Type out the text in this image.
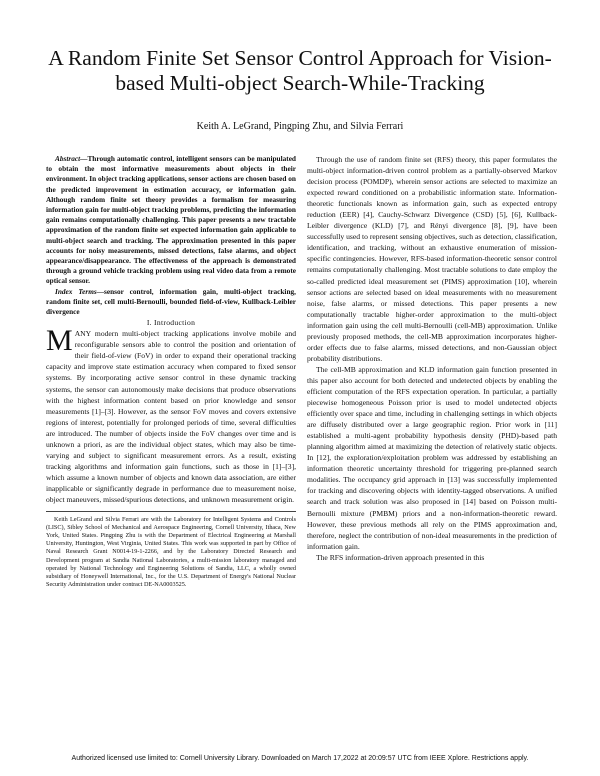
A Random Finite Set Sensor Control Approach for Vision-based Multi-object Search-While-Tracking
Keith A. LeGrand, Pingping Zhu, and Silvia Ferrari

Abstract—Through automatic control, intelligent sensors can be manipulated to obtain the most informative measurements about objects in their environment. In object tracking applications, sensor actions are chosen based on the predicted improvement in estimation accuracy, or information gain. Although random finite set theory provides a formalism for measuring information gain for multi-object tracking problems, predicting the information gain remains computationally challenging. This paper presents a new tractable approximation of the random finite set expected information gain applicable to multi-object search and tracking. The approximation presented in this paper accounts for noisy measurements, missed detections, false alarms, and object appearance/disappearance. The effectiveness of the approach is demonstrated through a ground vehicle tracking problem using real video data from a remote optical sensor.

Index Terms—sensor control, information gain, multi-object tracking, random finite set, cell multi-Bernoulli, bounded field-of-view, Kullback-Leibler divergence

I. Introduction

MANY modern multi-object tracking applications involve mobile and reconfigurable sensors able to control the position and orientation of their field-of-view (FoV) in order to expand their operational tracking capacity and improve state estimation accuracy when compared to fixed sensor systems. By incorporating active sensor control in these dynamic tracking systems, the sensor can autonomously make decisions that produce observations with the highest information content based on prior knowledge and sensor measurements [1]–[3]. However, as the sensor FoV moves and covers extensive regions of interest, potentially for prolonged periods of time, several difficulties are introduced. The number of objects inside the FoV changes over time and is unknown a priori, as are the individual object states, which may also be time-varying and subject to significant measurement errors. As a result, existing tracking algorithms and information gain functions, such as those in [1]–[3], which assume a known number of objects and known data association, are either inapplicable or significantly degrade in performance due to measurement noise, object maneuvers, missed/spurious detections, and unknown measurement origin.

Keith LeGrand and Silvia Ferrari are with the Laboratory for Intelligent Systems and Controls (LISC), Sibley School of Mechanical and Aerospace Engineering, Cornell University, Ithaca, New York, United States. Pingping Zhu is with the Department of Electrical Engineering at Marshall University, Huntington, West Virginia, United States. This work was supported in part by Office of Naval Research Grant N0014-19-1-2266, and by the Laboratory Directed Research and Development program at Sandia National Laboratories, a multi-mission laboratory managed and operated by National Technology and Engineering Solutions of Sandia, LLC, a wholly owned subsidiary of Honeywell International, Inc., for the U.S. Department of Energy's National Nuclear Security Administration under contract DE-NA0003525.

Through the use of random finite set (RFS) theory, this paper formulates the multi-object information-driven control problem as a partially-observed Markov decision process (POMDP), wherein sensor actions are selected to maximize an expected reward conditioned on a probabilistic information state. Information-theoretic functionals known as information gain, such as expected entropy reduction (EER) [4], Cauchy-Schwarz Divergence (CSD) [5], [6], Kullback-Leibler divergence (KLD) [7], and Rényi divergence [8], [9], have been successfully used to represent sensing objectives, such as detection, classification, identification, and tracking, without an exhaustive enumeration of mission-specific contingencies. However, RFS-based information-theoretic sensor control remains computationally challenging. Most tractable solutions to date employ the so-called predicted ideal measurement set (PIMS) approximation [10], wherein sensor actions are selected based on ideal measurements with no measurement noise, false alarms, or missed detections. This paper presents a new computationally tractable higher-order approximation to the multi-object information gain using the cell multi-Bernoulli (cell-MB) approximation. Unlike previously proposed methods, the cell-MB approximation incorporates higher-order effects due to false alarms, missed detections, and non-Gaussian object probability distributions.

The cell-MB approximation and KLD information gain function presented in this paper also account for both detected and undetected objects by enabling the efficient computation of the RFS expectation operation. In particular, a partially piecewise homogeneous Poisson prior is used to model undetected objects efficiently over space and time, including in challenging settings in which objects are diffusely distributed over a large geographic region. Prior work in [11] established a multi-agent probability hypothesis density (PHD)-based path planning algorithm aimed at maximizing the detection of relatively static objects. In [12], the exploration/exploitation problem was addressed by establishing an information theoretic uncertainty threshold for triggering pre-planned search modalities. The occupancy grid approach in [13] was successfully implemented for tracking and discovering objects with identity-tagged observations. A unified search and track solution was also proposed in [14] based on Poisson multi-Bernoulli mixture (PMBM) priors and a non-information-theoretic reward. However, these previous methods all rely on the PIMS approximation and, therefore, neglect the contribution of non-ideal measurements in the prediction of information gain.

The RFS information-driven approach presented in this

Authorized licensed use limited to: Cornell University Library. Downloaded on March 17,2022 at 20:09:57 UTC from IEEE Xplore. Restrictions apply.
